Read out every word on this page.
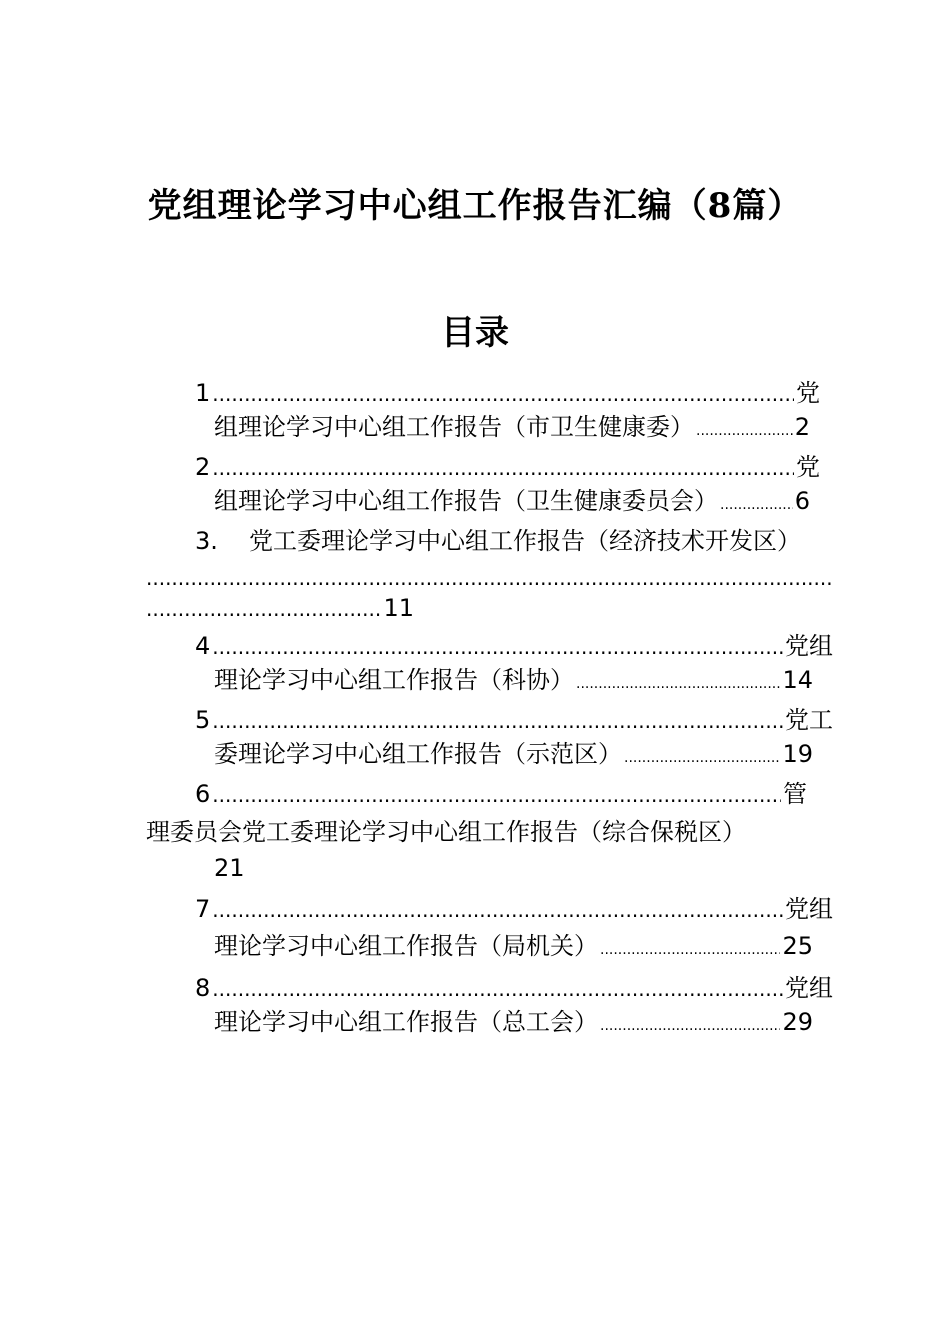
党组理论学习中心组工作报告汇编（8篇）
目录
1 .....	党
组理论学习中心组工作报告（市卫生健康委） .....	2
2 .....	党
组理论学习中心组工作报告（卫生健康委员会） .....	6
3.	党工委理论学习中心组工作报告（经济技术开发区）
.....
.....
11
4 .....	党组
理论学习中心组工作报告（科协） .....	14
5 .....	党工
委理论学习中心组工作报告（示范区） .....	19
6 .....	管
理委员会党工委理论学习中心组工作报告（综合保税区）
21
7 .....	党组
理论学习中心组工作报告（局机关） .....	25
8 .....	党组
理论学习中心组工作报告（总工会） .....	29
